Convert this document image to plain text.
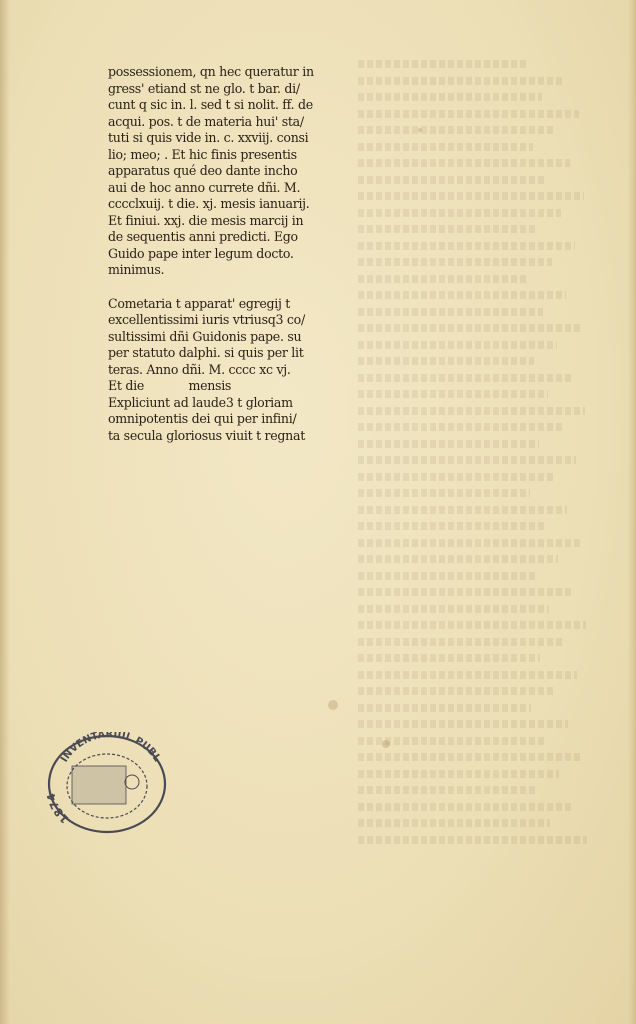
possessionem, qn hec queratur in
gress' etiand st ne glo. t bar. di/
cunt q sic in. l. sed t si nolit. ff. de
acqui. pos. t de materia hui' sta/
tuti si quis vide in. c. xxviij. consi
lio; meo; . Et hic finis presentis
apparatus qué deo dante incho
aui de hoc anno currete dñi. M.
cccclxuij. t die. xj. mesis ianuarij.
Et finiui. xxj. die mesis marcij in
de sequentis anni predicti. Ego
Guido pape inter legum docto.
minimus.
Cometaria t apparat' egregij t
excellentissimi iuris vtriusq3 co/
sultissimi dñi Guidonis pape. su
per statuto dalphi. si quis per lit
teras. Anno dñi. M. cccc xc vj.
Et die            mensis
Expliciunt ad laude3 t gloriam
omnipotentis dei qui per infini/
ta secula gloriosus viuit t regnat
INVENTARIUL PUBL
1874
